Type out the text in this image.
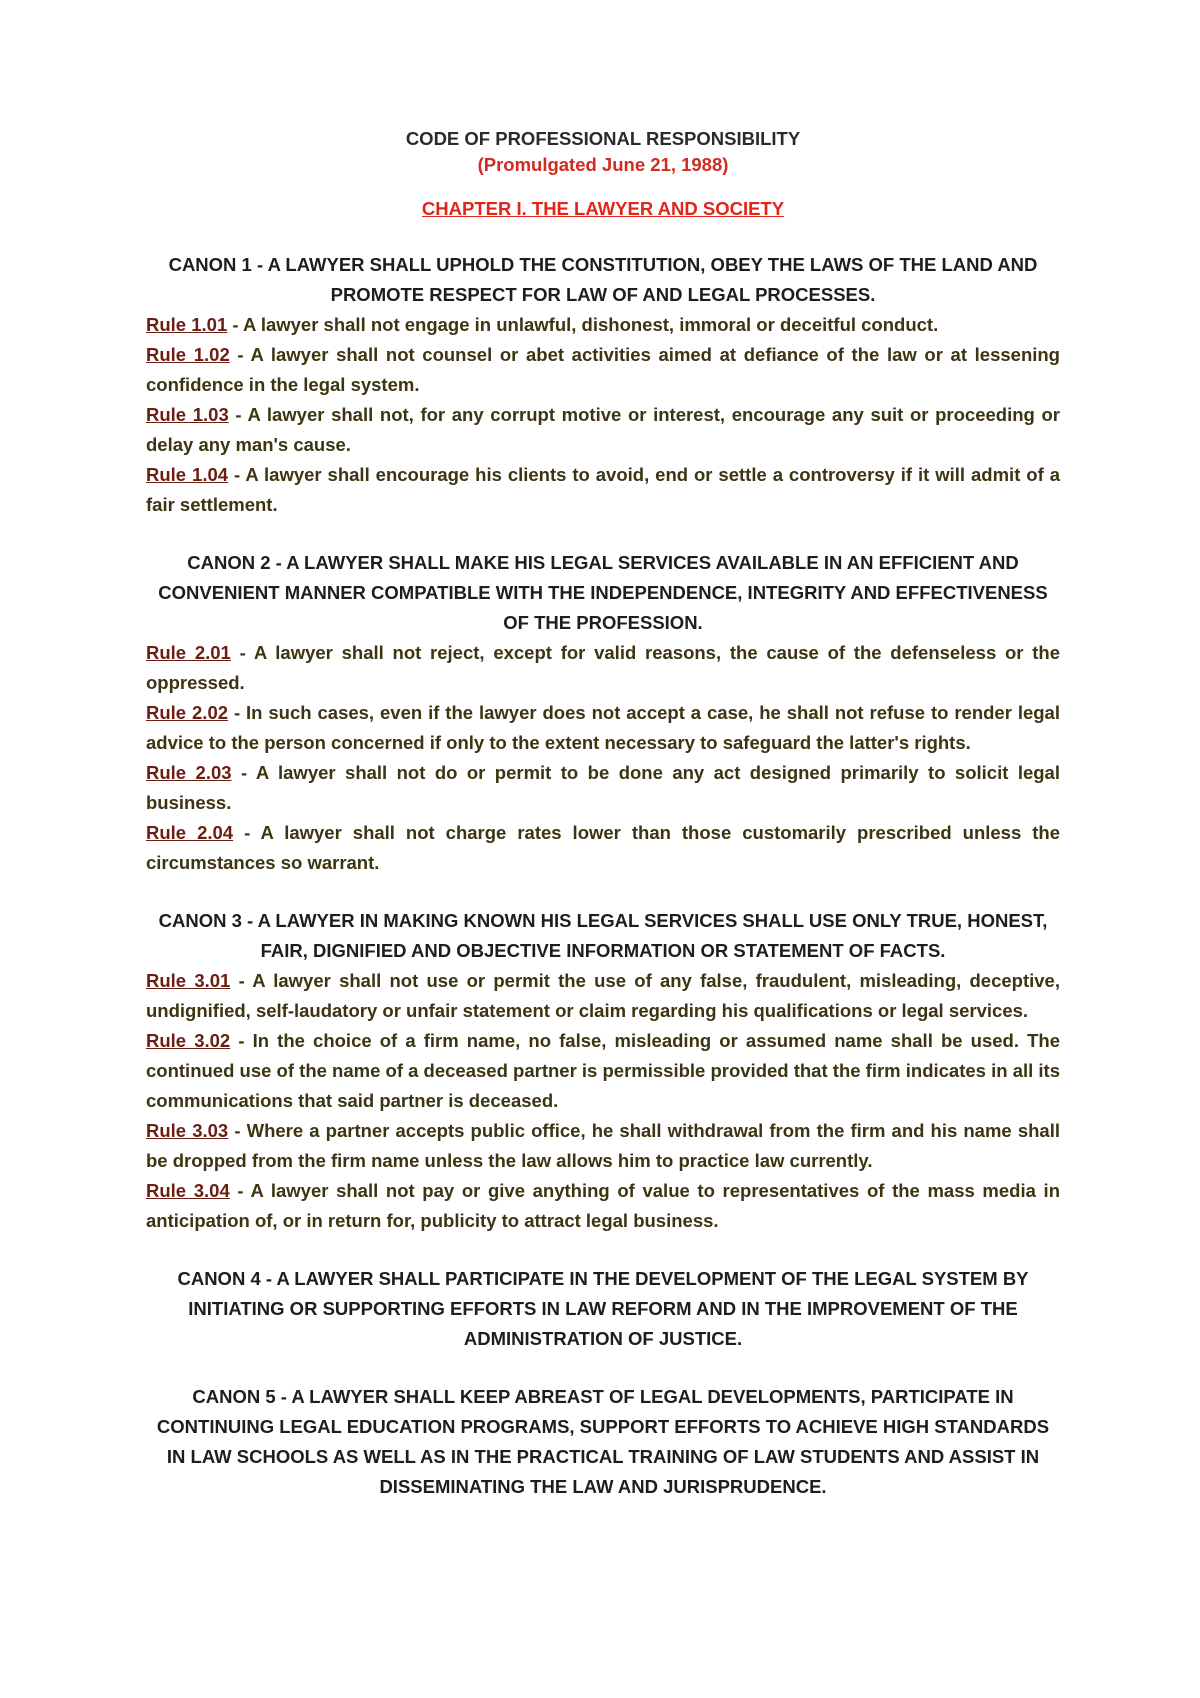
CODE OF PROFESSIONAL RESPONSIBILITY
(Promulgated June 21, 1988)
CHAPTER I. THE LAWYER AND SOCIETY
CANON 1 - A LAWYER SHALL UPHOLD THE CONSTITUTION, OBEY THE LAWS OF THE LAND AND PROMOTE RESPECT FOR LAW OF AND LEGAL PROCESSES.
Rule 1.01 - A lawyer shall not engage in unlawful, dishonest, immoral or deceitful conduct.
Rule 1.02 - A lawyer shall not counsel or abet activities aimed at defiance of the law or at lessening confidence in the legal system.
Rule 1.03 - A lawyer shall not, for any corrupt motive or interest, encourage any suit or proceeding or delay any man's cause.
Rule 1.04 - A lawyer shall encourage his clients to avoid, end or settle a controversy if it will admit of a fair settlement.
CANON 2 - A LAWYER SHALL MAKE HIS LEGAL SERVICES AVAILABLE IN AN EFFICIENT AND CONVENIENT MANNER COMPATIBLE WITH THE INDEPENDENCE, INTEGRITY AND EFFECTIVENESS OF THE PROFESSION.
Rule 2.01 - A lawyer shall not reject, except for valid reasons, the cause of the defenseless or the oppressed.
Rule 2.02 - In such cases, even if the lawyer does not accept a case, he shall not refuse to render legal advice to the person concerned if only to the extent necessary to safeguard the latter's rights.
Rule 2.03 - A lawyer shall not do or permit to be done any act designed primarily to solicit legal business.
Rule 2.04 - A lawyer shall not charge rates lower than those customarily prescribed unless the circumstances so warrant.
CANON 3 - A LAWYER IN MAKING KNOWN HIS LEGAL SERVICES SHALL USE ONLY TRUE, HONEST, FAIR, DIGNIFIED AND OBJECTIVE INFORMATION OR STATEMENT OF FACTS.
Rule 3.01 - A lawyer shall not use or permit the use of any false, fraudulent, misleading, deceptive, undignified, self-laudatory or unfair statement or claim regarding his qualifications or legal services.
Rule 3.02 - In the choice of a firm name, no false, misleading or assumed name shall be used. The continued use of the name of a deceased partner is permissible provided that the firm indicates in all its communications that said partner is deceased.
Rule 3.03 - Where a partner accepts public office, he shall withdrawal from the firm and his name shall be dropped from the firm name unless the law allows him to practice law currently.
Rule 3.04 - A lawyer shall not pay or give anything of value to representatives of the mass media in anticipation of, or in return for, publicity to attract legal business.
CANON 4 - A LAWYER SHALL PARTICIPATE IN THE DEVELOPMENT OF THE LEGAL SYSTEM BY INITIATING OR SUPPORTING EFFORTS IN LAW REFORM AND IN THE IMPROVEMENT OF THE ADMINISTRATION OF JUSTICE.
CANON 5 - A LAWYER SHALL KEEP ABREAST OF LEGAL DEVELOPMENTS, PARTICIPATE IN CONTINUING LEGAL EDUCATION PROGRAMS, SUPPORT EFFORTS TO ACHIEVE HIGH STANDARDS IN LAW SCHOOLS AS WELL AS IN THE PRACTICAL TRAINING OF LAW STUDENTS AND ASSIST IN DISSEMINATING THE LAW AND JURISPRUDENCE.
